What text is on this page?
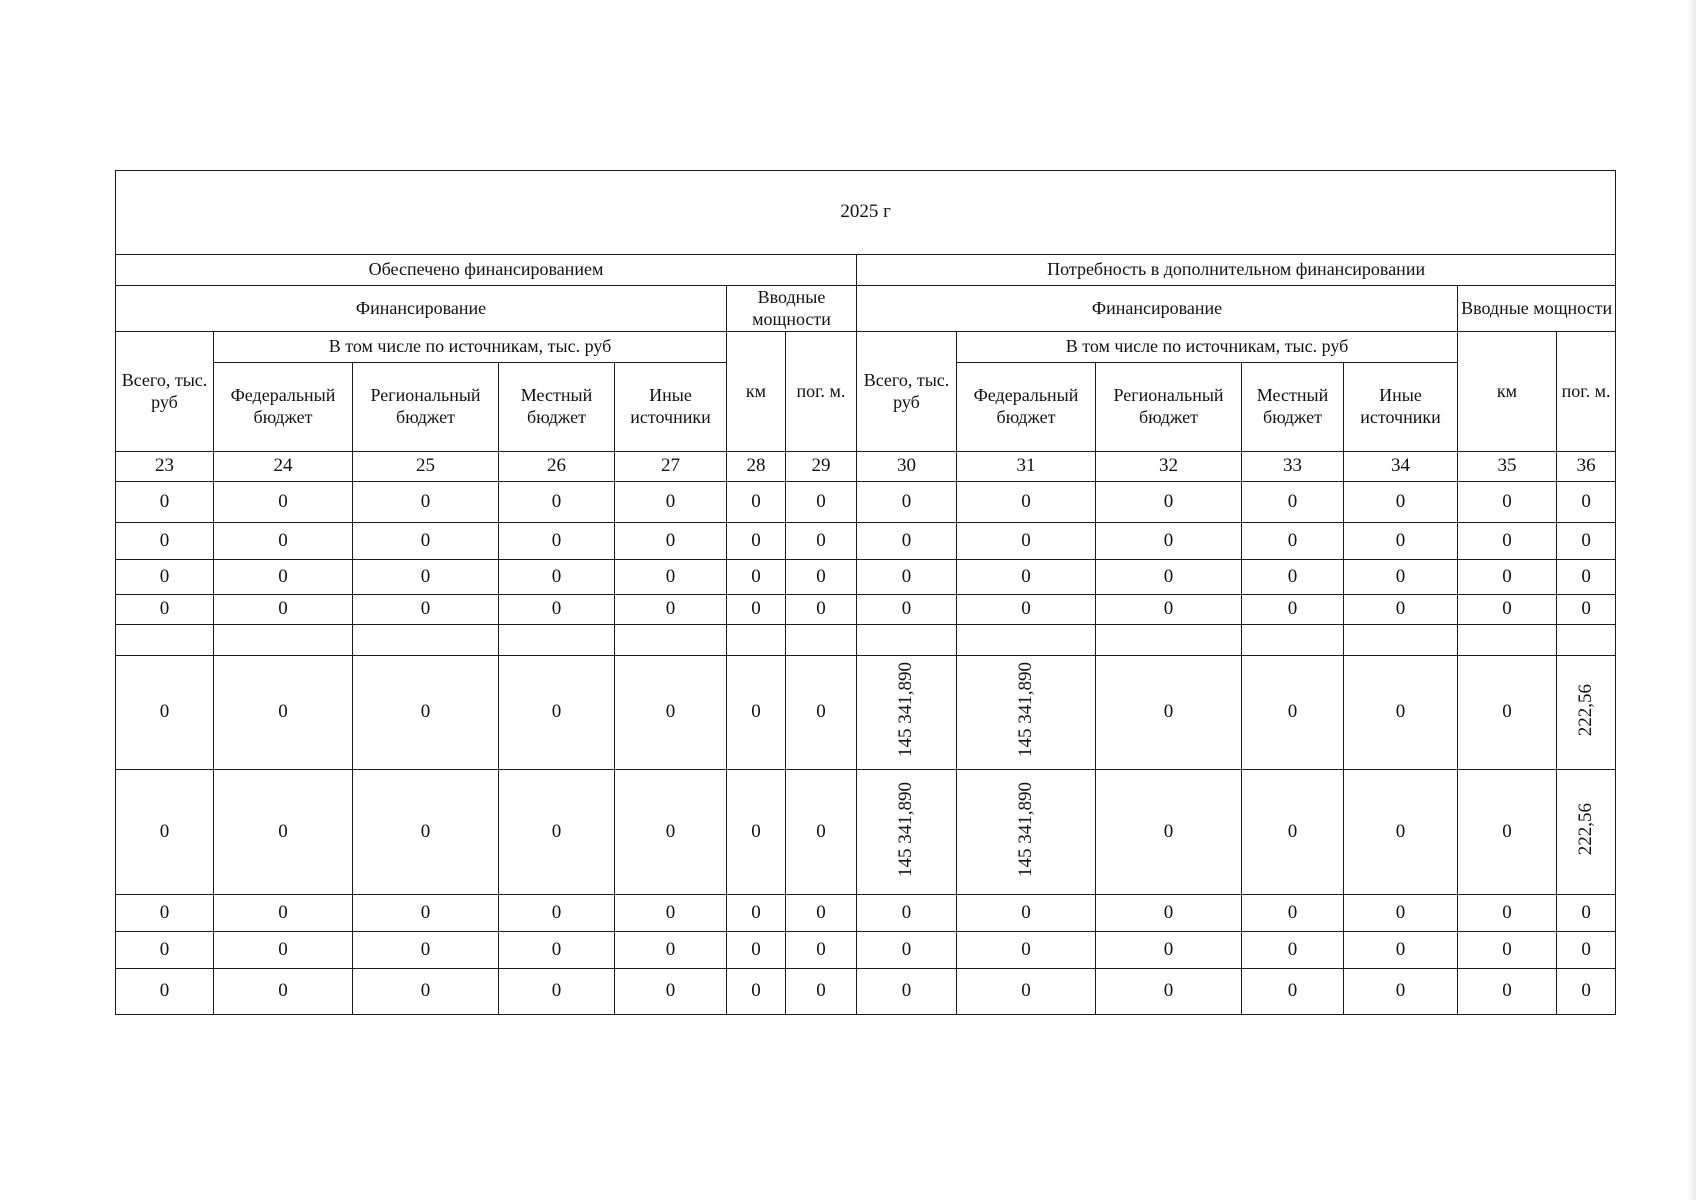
2025 г													
Обеспечено финансированием							Потребность в дополнительном финансировании						
Финансирование					Вводные мощности		Финансирование					Вводные мощности	
Всего, тыс. руб	В том числе по источникам, тыс. руб				км	пог. м.	Всего, тыс. руб	В том числе по источникам, тыс. руб				км	пог. м.
	Федеральный бюджет	Региональный бюджет	Местный бюджет	Иные источники				Федеральный бюджет	Региональный бюджет	Местный бюджет	Иные источники		
23	24	25	26	27	28	29	30	31	32	33	34	35	36
0	0	0	0	0	0	0	0	0	0	0	0	0	0
0	0	0	0	0	0	0	0	0	0	0	0	0	0
0	0	0	0	0	0	0	0	0	0	0	0	0	0
0	0	0	0	0	0	0	0	0	0	0	0	0	0

0	0	0	0	0	0	0	145 341,890	145 341,890	0	0	0	0	222,56
0	0	0	0	0	0	0	145 341,890	145 341,890	0	0	0	0	222,56
0	0	0	0	0	0	0	0	0	0	0	0	0	0
0	0	0	0	0	0	0	0	0	0	0	0	0	0
0	0	0	0	0	0	0	0	0	0	0	0	0	0
